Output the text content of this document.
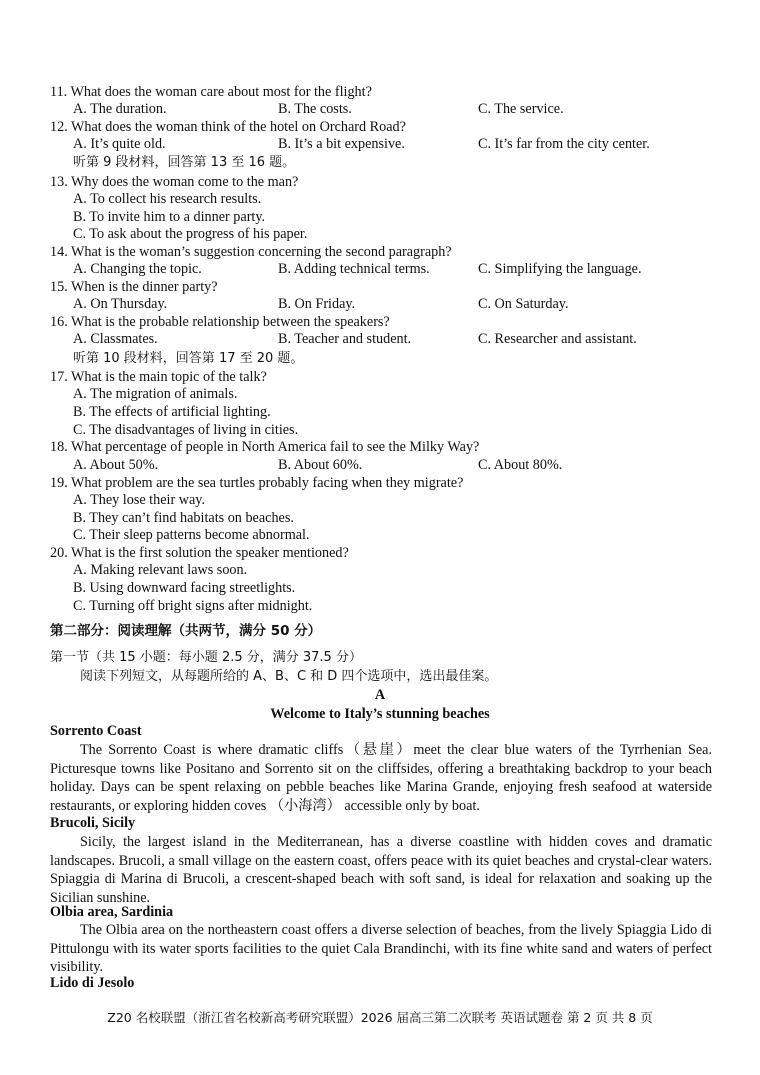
11. What does the woman care about most for the flight?
A. The duration.	B. The costs.	C. The service.
12. What does the woman think of the hotel on Orchard Road?
A. It’s quite old.	B. It’s a bit expensive.	C. It’s far from the city center.
听第 9 段材料，回答第 13 至 16 题。
13. Why does the woman come to the man?
A. To collect his research results.
B. To invite him to a dinner party.
C. To ask about the progress of his paper.
14. What is the woman’s suggestion concerning the second paragraph?
A. Changing the topic.	B. Adding technical terms.	C. Simplifying the language.
15. When is the dinner party?
A. On Thursday.	B. On Friday.	C. On Saturday.
16. What is the probable relationship between the speakers?
A. Classmates.	B. Teacher and student.	C. Researcher and assistant.
听第 10 段材料，回答第 17 至 20 题。
17. What is the main topic of the talk?
A. The migration of animals.
B. The effects of artificial lighting.
C. The disadvantages of living in cities.
18. What percentage of people in North America fail to see the Milky Way?
A. About 50%.	B. About 60%.	C. About 80%.
19. What problem are the sea turtles probably facing when they migrate?
A. They lose their way.
B. They can’t find habitats on beaches.
C. Their sleep patterns become abnormal.
20. What is the first solution the speaker mentioned?
A. Making relevant laws soon.
B. Using downward facing streetlights.
C. Turning off bright signs after midnight.
第二部分：阅读理解（共两节，满分 50 分）
第一节（共 15 小题：每小题 2.5 分，满分 37.5 分）
阅读下列短文，从每题所给的 A、B、C 和 D 四个选项中，选出最佳案。
A
Welcome to Italy’s stunning beaches
Sorrento Coast
The Sorrento Coast is where dramatic cliffs（悬崖）meet the clear blue waters of the Tyrrhenian Sea. Picturesque towns like Positano and Sorrento sit on the cliffsides, offering a breathtaking backdrop to your beach holiday. Days can be spent relaxing on pebble beaches like Marina Grande, enjoying fresh seafood at waterside restaurants, or exploring hidden coves （小海湾） accessible only by boat.
Brucoli, Sicily
Sicily, the largest island in the Mediterranean, has a diverse coastline with hidden coves and dramatic landscapes. Brucoli, a small village on the eastern coast, offers peace with its quiet beaches and crystal-clear waters. Spiaggia di Marina di Brucoli, a crescent-shaped beach with soft sand, is ideal for relaxation and soaking up the Sicilian sunshine.
Olbia area, Sardinia
The Olbia area on the northeastern coast offers a diverse selection of beaches, from the lively Spiaggia Lido di Pittulongu with its water sports facilities to the quiet Cala Brandinchi, with its fine white sand and waters of perfect visibility.
Lido di Jesolo
Z20 名校联盟（浙江省名校新高考研究联盟）2026 届高三第二次联考 英语试题卷 第 2 页 共 8 页
